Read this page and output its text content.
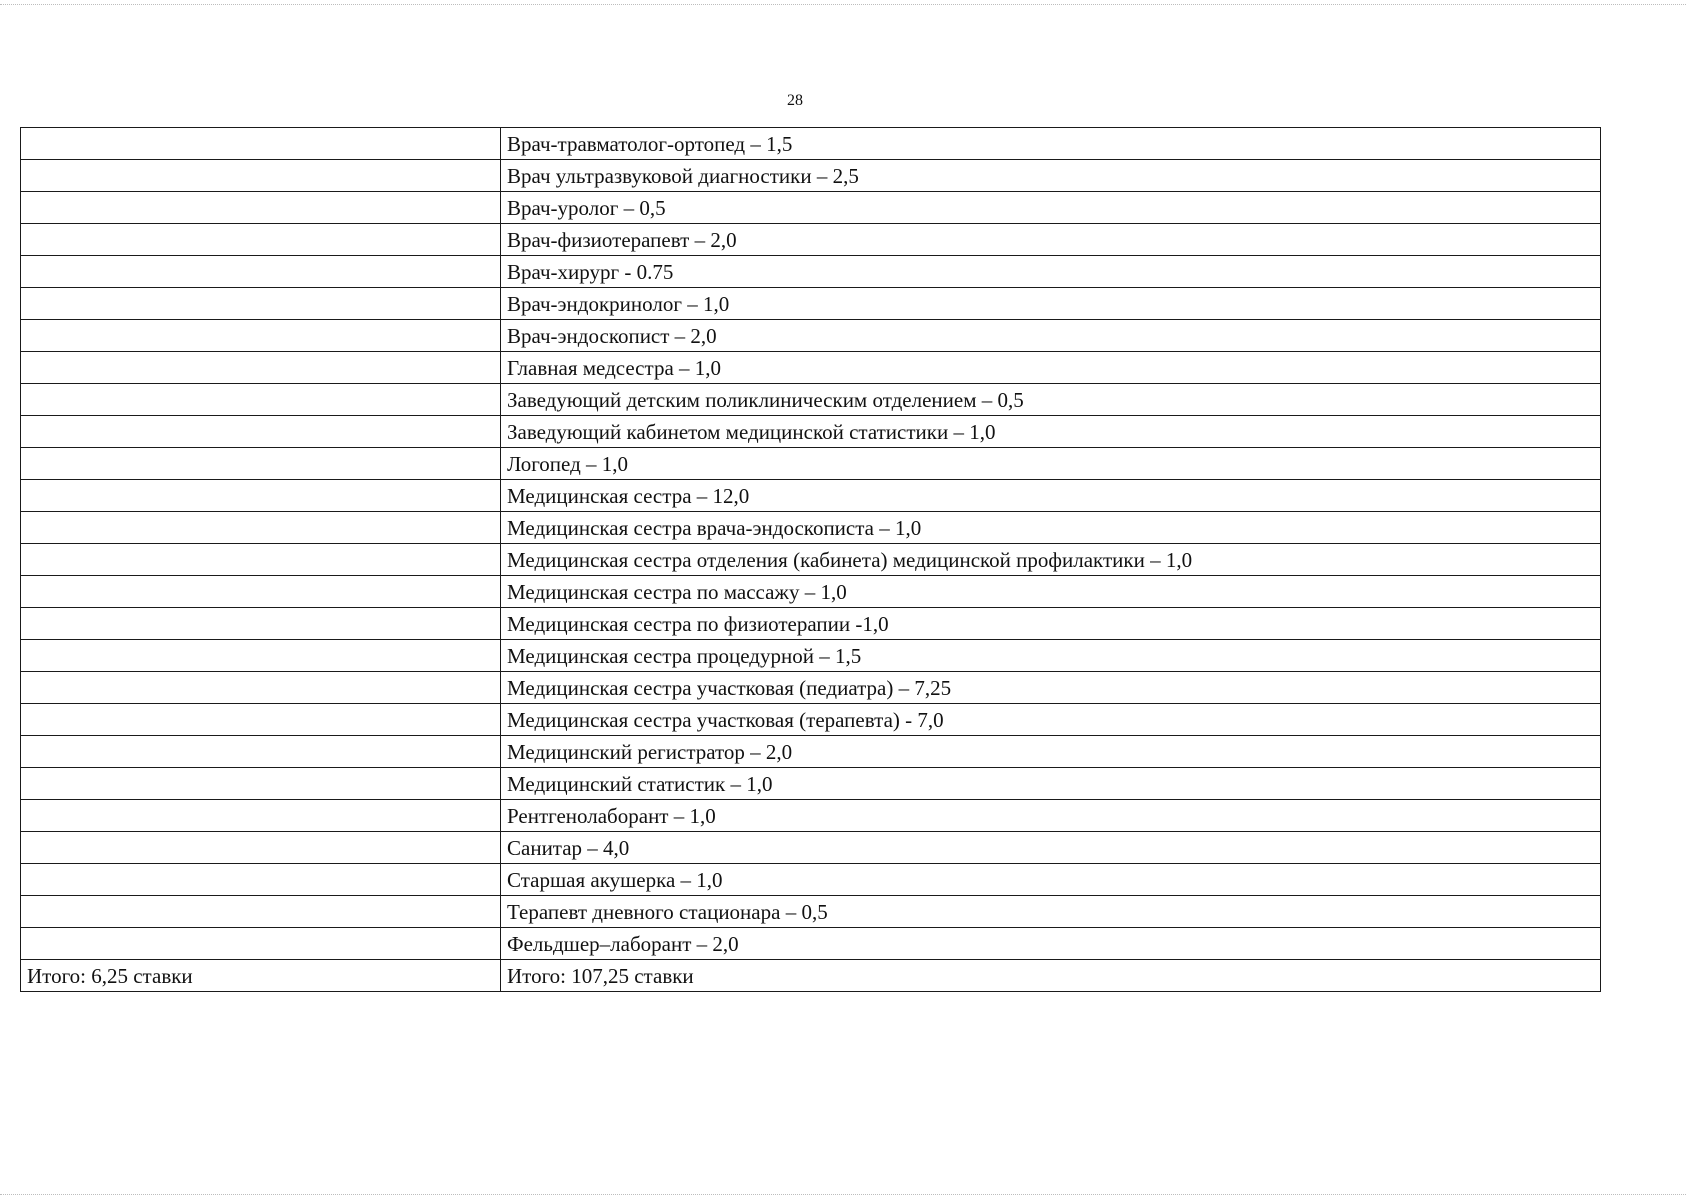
28
	Врач-травматолог-ортопед – 1,5
	Врач ультразвуковой диагностики – 2,5
	Врач-уролог – 0,5
	Врач-физиотерапевт – 2,0
	Врач-хирург - 0.75
	Врач-эндокринолог – 1,0
	Врач-эндоскопист – 2,0
	Главная медсестра – 1,0
	Заведующий детским поликлиническим отделением – 0,5
	Заведующий кабинетом медицинской статистики – 1,0
	Логопед – 1,0
	Медицинская сестра – 12,0
	Медицинская сестра врача-эндоскописта – 1,0
	Медицинская сестра отделения (кабинета) медицинской профилактики – 1,0
	Медицинская сестра по массажу – 1,0
	Медицинская сестра по физиотерапии -1,0
	Медицинская сестра процедурной – 1,5
	Медицинская сестра участковая (педиатра) – 7,25
	Медицинская сестра участковая (терапевта) - 7,0
	Медицинский регистратор – 2,0
	Медицинский статистик – 1,0
	Рентгенолаборант – 1,0
	Санитар – 4,0
	Старшая акушерка – 1,0
	Терапевт дневного стационара – 0,5
	Фельдшер–лаборант – 2,0
Итого: 6,25 ставки	Итого: 107,25 ставки
